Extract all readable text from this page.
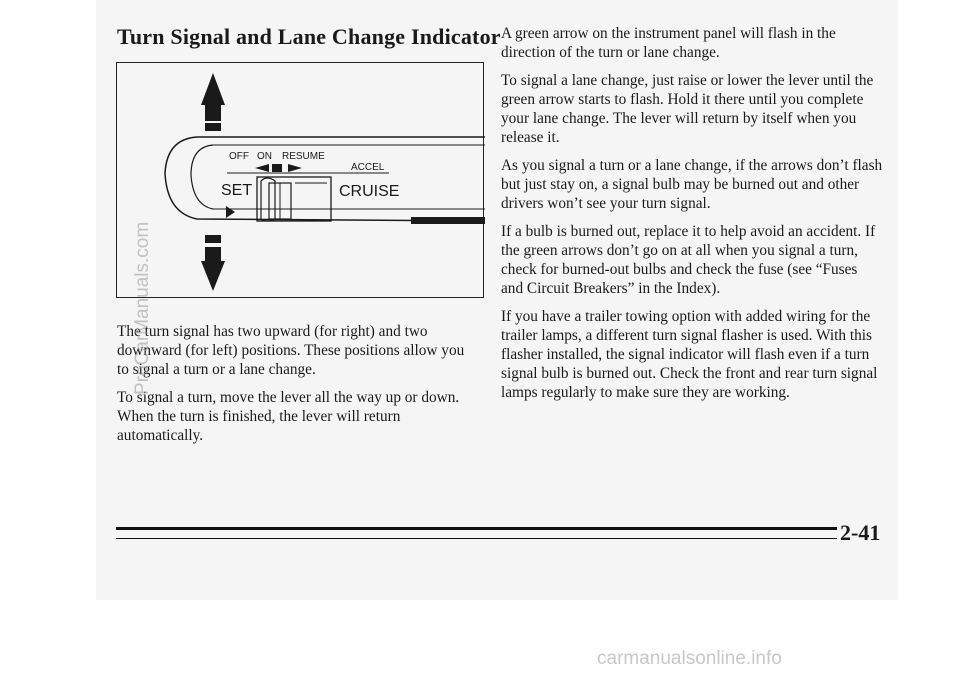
Turn Signal and Lane Change Indicator
OFF ON RESUME
ACCEL
SET	CRUISE

The turn signal has two upward (for right) and two downward (for left) positions. These positions allow you to signal a turn or a lane change.

To signal a turn, move the lever all the way up or down. When the turn is finished, the lever will return automatically.

A green arrow on the instrument panel will flash in the direction of the turn or lane change.

To signal a lane change, just raise or lower the lever until the green arrow starts to flash. Hold it there until you complete your lane change. The lever will return by itself when you release it.

As you signal a turn or a lane change, if the arrows don’t flash but just stay on, a signal bulb may be burned out and other drivers won’t see your turn signal.

If a bulb is burned out, replace it to help avoid an accident. If the green arrows don’t go on at all when you signal a turn, check for burned-out bulbs and check the fuse (see “Fuses and Circuit Breakers” in the Index).

If you have a trailer towing option with added wiring for the trailer lamps, a different turn signal flasher is used. With this flasher installed, the signal indicator will flash even if a turn signal bulb is burned out. Check the front and rear turn signal lamps regularly to make sure they are working.

2-41
ProCarManuals.com
carmanualsonline.info
